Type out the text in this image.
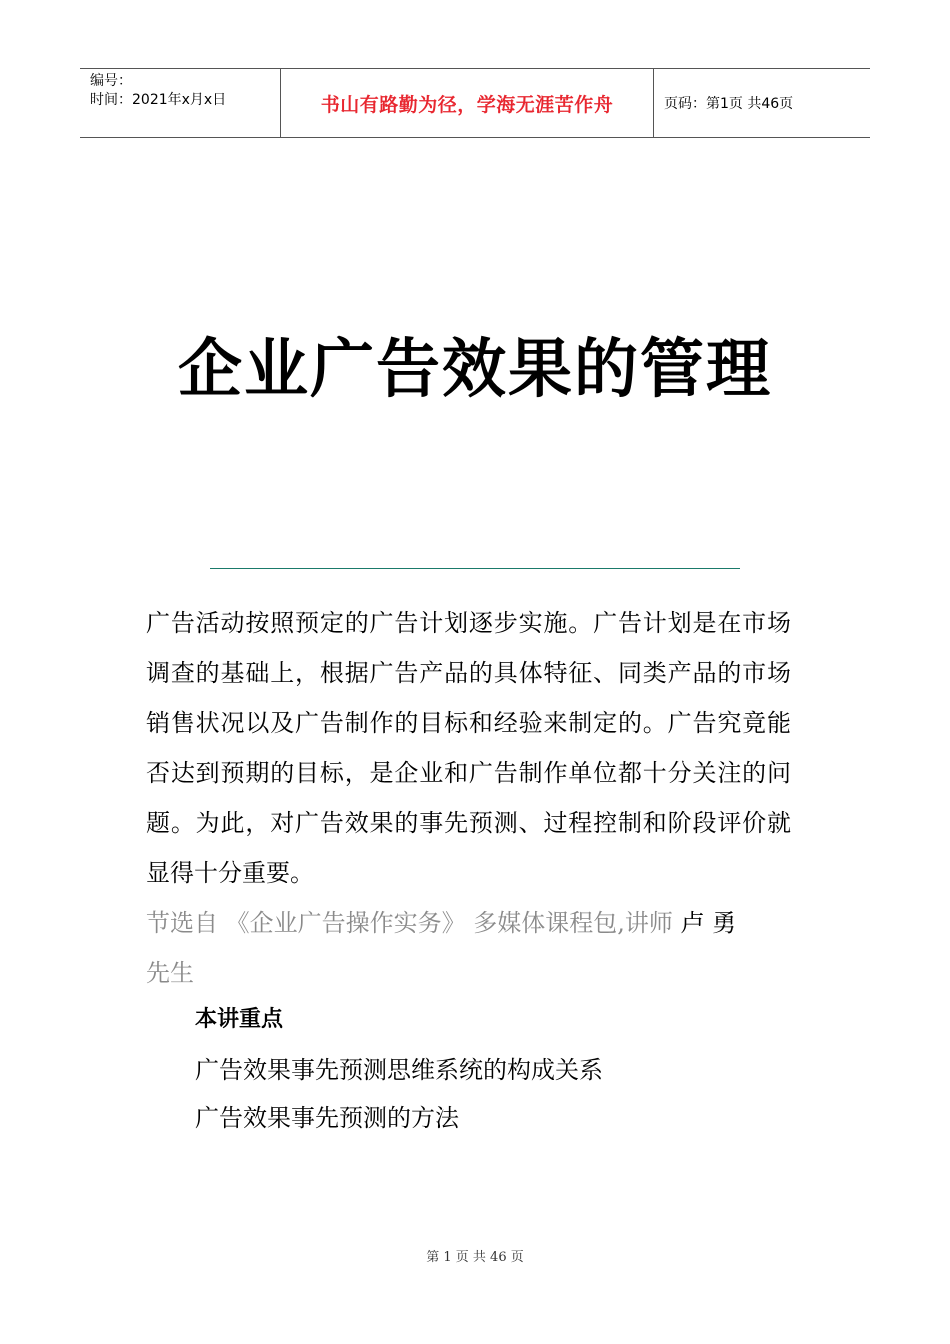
编号：
时间：2021年x月x日	书山有路勤为径，学海无涯苦作舟	页码：第1页 共46页
企业广告效果的管理
广告活动按照预定的广告计划逐步实施。广告计划是在市场调查的基础上，根据广告产品的具体特征、同类产品的市场销售状况以及广告制作的目标和经验来制定的。广告究竟能否达到预期的目标，是企业和广告制作单位都十分关注的问题。为此，对广告效果的事先预测、过程控制和阶段评价就显得十分重要。
节选自 《企业广告操作实务》 多媒体课程包,讲师 卢 勇
先生
本讲重点
广告效果事先预测思维系统的构成关系
广告效果事先预测的方法
第 1 页 共 46 页
